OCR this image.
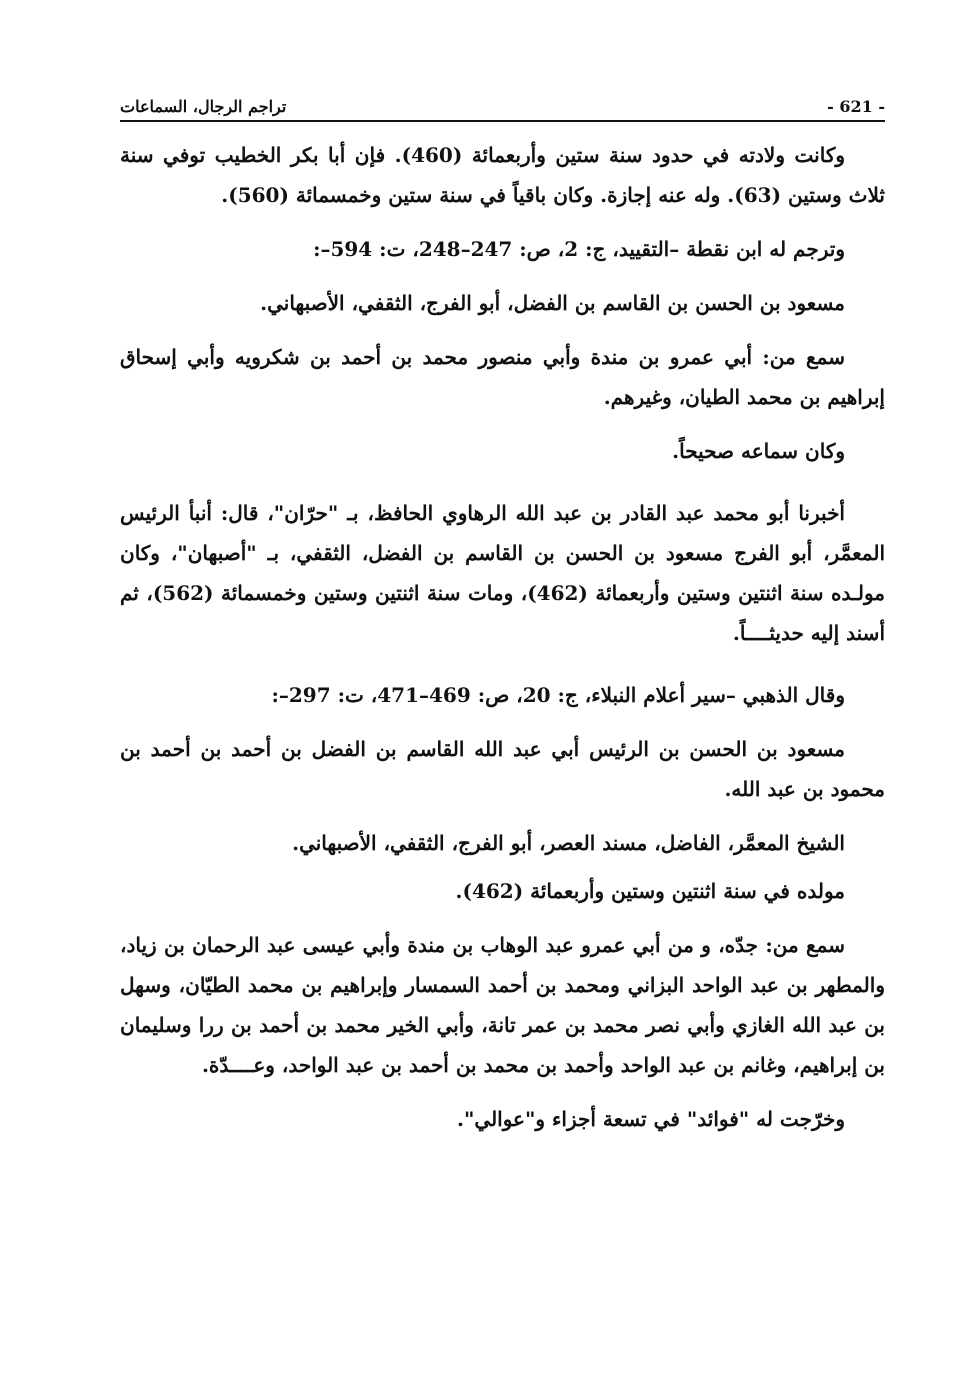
تراجم الرجال، السماعات	- 621 -

وكانت ولادته في حدود سنة ستين وأربعمائة (460). فإن أبا بكر الخطيب توفي سنة ثلاث وستين (63). وله عنه إجازة. وكان باقياً في سنة ستين وخمسمائة (560).

وترجم له ابن نقطة –التقييد، ج: 2، ص: 247–248، ت: 594–:

مسعود بن الحسن بن القاسم بن الفضل، أبو الفرج، الثقفي، الأصبهاني.

سمع من: أبي عمرو بن مندة وأبي منصور محمد بن أحمد بن شكرويه وأبي إسحاق إبراهيم بن محمد الطيان، وغيرهم.

وكان سماعه صحيحاً.

أخبرنا أبو محمد عبد القادر بن عبد الله الرهاوي الحافظ، بـ "حرّان"، قال: أنبأ الرئيس المعمَّر، أبو الفرج مسعود بن الحسن بن القاسم بن الفضل، الثقفي، بـ "أصبهان"، وكان مولـده سنة اثنتين وستين وأربعمائة (462)، ومات سنة اثنتين وستين وخمسمائة (562)، ثم أسند إليه حديثــــاً.

وقال الذهبي –سير أعلام النبلاء، ج: 20، ص: 469–471، ت: 297–:

مسعود بن الحسن بن الرئيس أبي عبد الله القاسم بن الفضل بن أحمد بن أحمد بن محمود بن عبد الله.

الشيخ المعمَّر، الفاضل، مسند العصر، أبو الفرج، الثقفي، الأصبهاني.

مولده في سنة اثنتين وستين وأربعمائة (462).

سمع من: جدّه، و من أبي عمرو عبد الوهاب بن مندة وأبي عيسى عبد الرحمان بن زياد، والمطهر بن عبد الواحد البزاني ومحمد بن أحمد السمسار وإبراهيم بن محمد الطيّان، وسهل بن عبد الله الغازي وأبي نصر محمد بن عمر تانة، وأبي الخير محمد بن أحمد بن ررا وسليمان بن إبراهيم، وغانم بن عبد الواحد وأحمد بن محمد بن أحمد بن عبد الواحد، وعــــدّة.

وخرّجت له "فوائد" في تسعة أجزاء و"عوالي".
